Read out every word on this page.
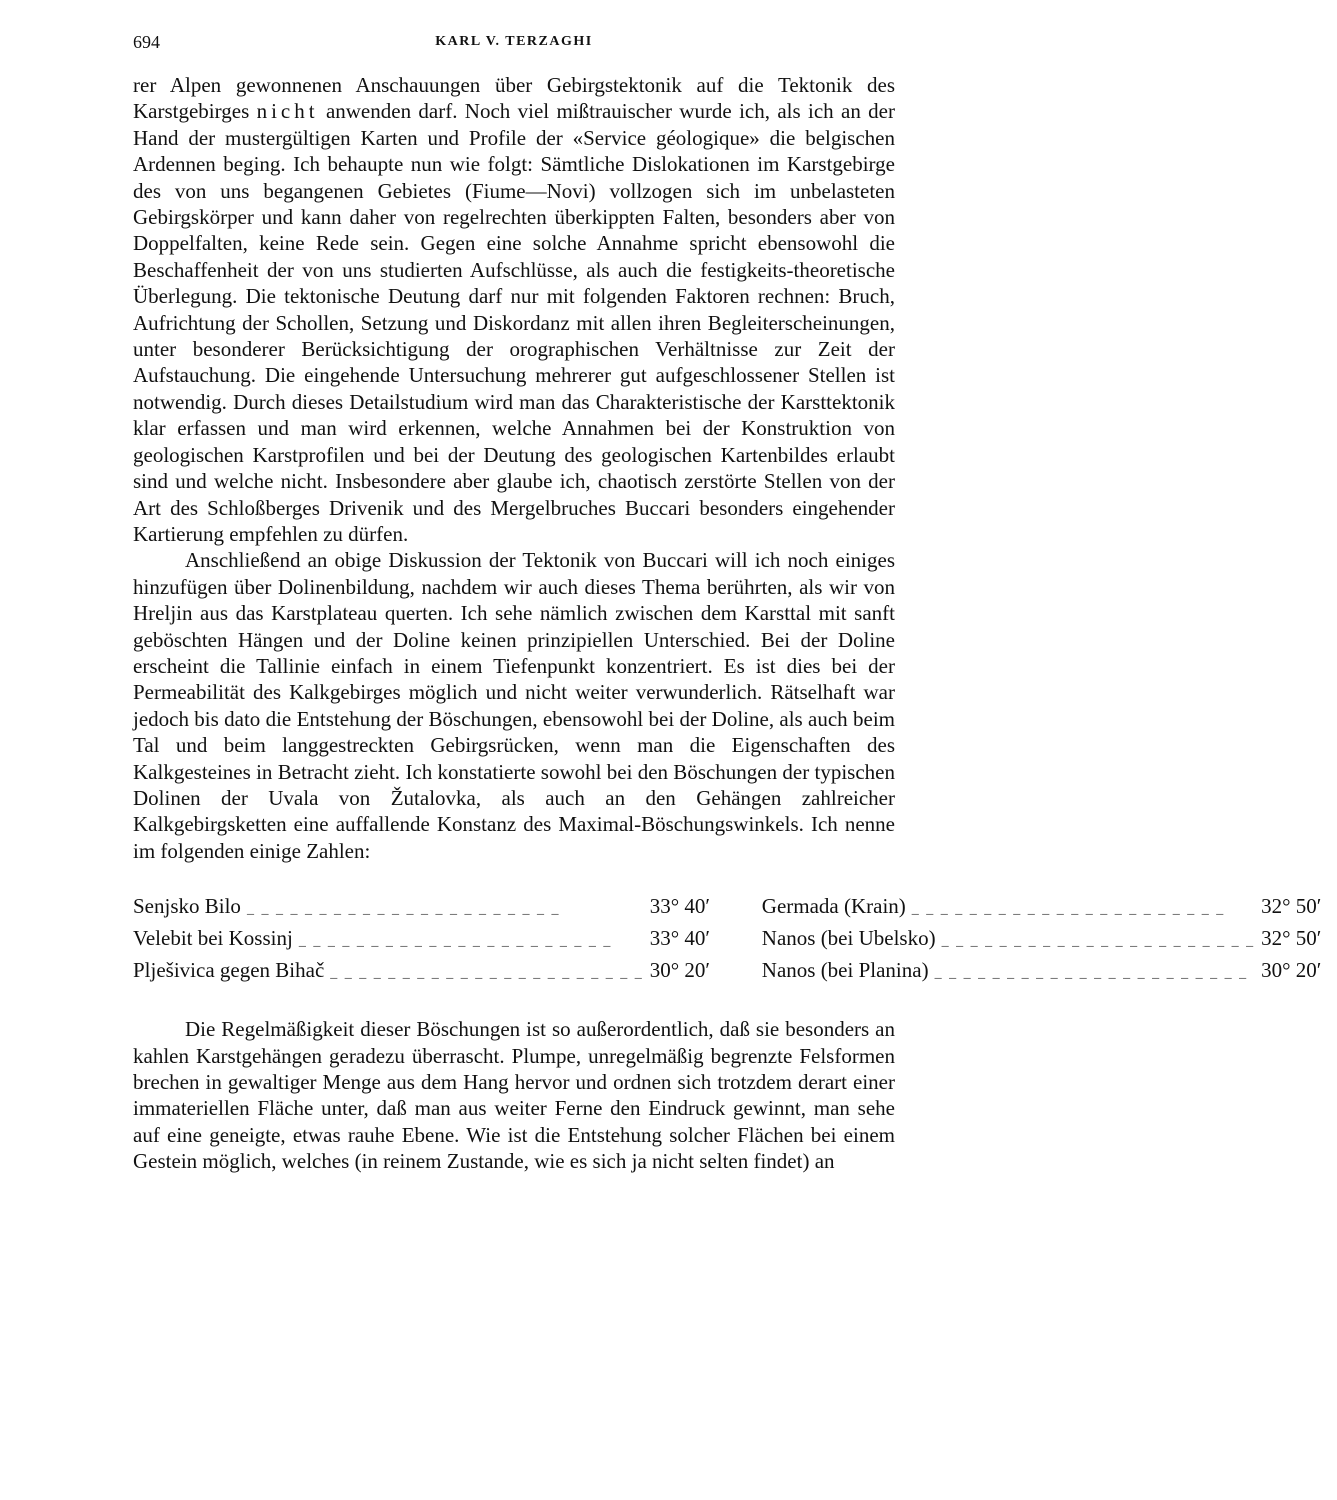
694	KARL V. TERZAGHI

rer Alpen gewonnenen Anschauungen über Gebirgstektonik auf die Tektonik des Karstgebirges nicht anwenden darf. Noch viel mißtrauischer wurde ich, als ich an der Hand der mustergültigen Karten und Profile der «Service géologique» die belgischen Ardennen beging. Ich behaupte nun wie folgt: Sämtliche Dislokationen im Karstgebirge des von uns begangenen Gebietes (Fiume—Novi) vollzogen sich im unbelasteten Gebirgskörper und kann daher von regelrechten überkippten Falten, besonders aber von Doppelfalten, keine Rede sein. Gegen eine solche Annahme spricht ebensowohl die Beschaffenheit der von uns studierten Aufschlüsse, als auch die festigkeits-theoretische Überlegung. Die tektonische Deutung darf nur mit folgenden Faktoren rechnen: Bruch, Aufrichtung der Schollen, Setzung und Diskordanz mit allen ihren Begleiterscheinungen, unter besonderer Berücksichtigung der orographischen Verhältnisse zur Zeit der Aufstauchung. Die eingehende Untersuchung mehrerer gut aufgeschlossener Stellen ist notwendig. Durch dieses Detailstudium wird man das Charakteristische der Karsttektonik klar erfassen und man wird erkennen, welche Annahmen bei der Konstruktion von geologischen Karstprofilen und bei der Deutung des geologischen Kartenbildes erlaubt sind und welche nicht. Insbesondere aber glaube ich, chaotisch zerstörte Stellen von der Art des Schloßberges Drivenik und des Mergelbruches Buccari besonders eingehender Kartierung empfehlen zu dürfen.

Anschließend an obige Diskussion der Tektonik von Buccari will ich noch einiges hinzufügen über Dolinenbildung, nachdem wir auch dieses Thema berührten, als wir von Hreljin aus das Karstplateau querten. Ich sehe nämlich zwischen dem Karsttal mit sanft geböschten Hängen und der Doline keinen prinzipiellen Unterschied. Bei der Doline erscheint die Tallinie einfach in einem Tiefenpunkt konzentriert. Es ist dies bei der Permeabilität des Kalkgebirges möglich und nicht weiter verwunderlich. Rätselhaft war jedoch bis dato die Entstehung der Böschungen, ebensowohl bei der Doline, als auch beim Tal und beim langgestreckten Gebirgsrücken, wenn man die Eigenschaften des Kalkgesteines in Betracht zieht. Ich konstatierte sowohl bei den Böschungen der typischen Dolinen der Uvala von Žutalovka, als auch an den Gehängen zahlreicher Kalkgebirgsketten eine auffallende Konstanz des Maximal-Böschungswinkels. Ich nenne im folgenden einige Zahlen:

Senjsko Bilo _ _ _	33° 40′
Velebit bei Kossinj _ _ _	33° 40′
Plješivica gegen Bihač _ _ _	30° 20′
Germada (Krain) _ _ _	32° 50′
Nanos (bei Ubelsko) _ _ _	32° 50′
Nanos (bei Planina) _ _ _	30° 20′

Die Regelmäßigkeit dieser Böschungen ist so außerordentlich, daß sie besonders an kahlen Karstgehängen geradezu überrascht. Plumpe, unregelmäßig begrenzte Felsformen brechen in gewaltiger Menge aus dem Hang hervor und ordnen sich trotzdem derart einer immateriellen Fläche unter, daß man aus weiter Ferne den Eindruck gewinnt, man sehe auf eine geneigte, etwas rauhe Ebene. Wie ist die Entstehung solcher Flächen bei einem Gestein möglich, welches (in reinem Zustande, wie es sich ja nicht selten findet) an
